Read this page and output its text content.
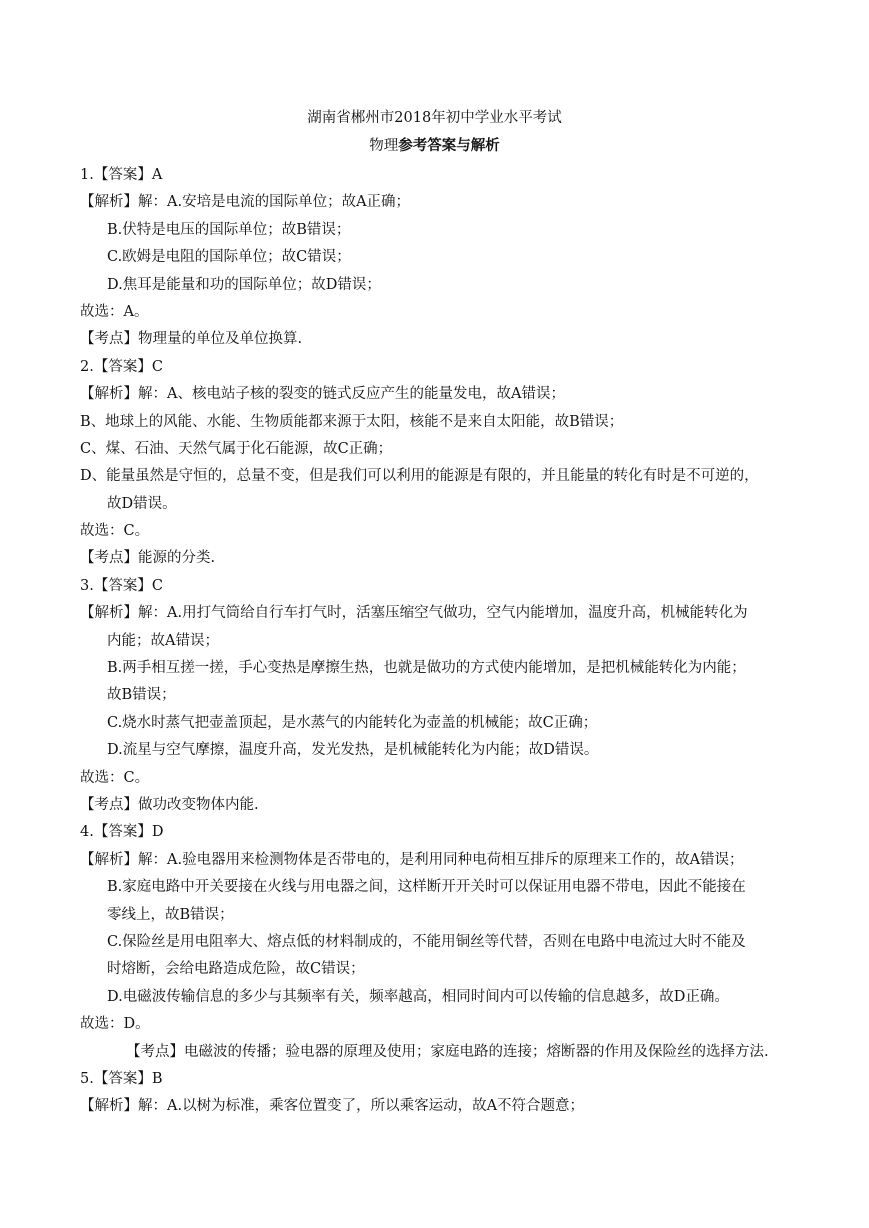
湖南省郴州市2018年初中学业水平考试
物理参考答案与解析
1.【答案】A
【解析】解：A.安培是电流的国际单位；故A正确；
B.伏特是电压的国际单位；故B错误；
C.欧姆是电阻的国际单位；故C错误；
D.焦耳是能量和功的国际单位；故D错误；
故选：A。
【考点】物理量的单位及单位换算.
2.【答案】C
【解析】解：A、核电站子核的裂变的链式反应产生的能量发电，故A错误；
B、地球上的风能、水能、生物质能都来源于太阳，核能不是来自太阳能，故B错误；
C、煤、石油、天然气属于化石能源，故C正确；
D、能量虽然是守恒的，总量不变，但是我们可以利用的能源是有限的，并且能量的转化有时是不可逆的，
故D错误。
故选：C。
【考点】能源的分类.
3.【答案】C
【解析】解：A.用打气筒给自行车打气时，活塞压缩空气做功，空气内能增加，温度升高，机械能转化为
内能；故A错误；
B.两手相互搓一搓，手心变热是摩擦生热，也就是做功的方式使内能增加，是把机械能转化为内能；
故B错误；
C.烧水时蒸气把壶盖顶起，是水蒸气的内能转化为壶盖的机械能；故C正确；
D.流星与空气摩擦，温度升高，发光发热，是机械能转化为内能；故D错误。
故选：C。
【考点】做功改变物体内能.
4.【答案】D
【解析】解：A.验电器用来检测物体是否带电的，是利用同种电荷相互排斥的原理来工作的，故A错误；
B.家庭电路中开关要接在火线与用电器之间，这样断开开关时可以保证用电器不带电，因此不能接在
零线上，故B错误；
C.保险丝是用电阻率大、熔点低的材料制成的，不能用铜丝等代替，否则在电路中电流过大时不能及
时熔断，会给电路造成危险，故C错误；
D.电磁波传输信息的多少与其频率有关，频率越高，相同时间内可以传输的信息越多，故D正确。
故选：D。
【考点】电磁波的传播；验电器的原理及使用；家庭电路的连接；熔断器的作用及保险丝的选择方法.
5.【答案】B
【解析】解：A.以树为标准，乘客位置变了，所以乘客运动，故A不符合题意；
